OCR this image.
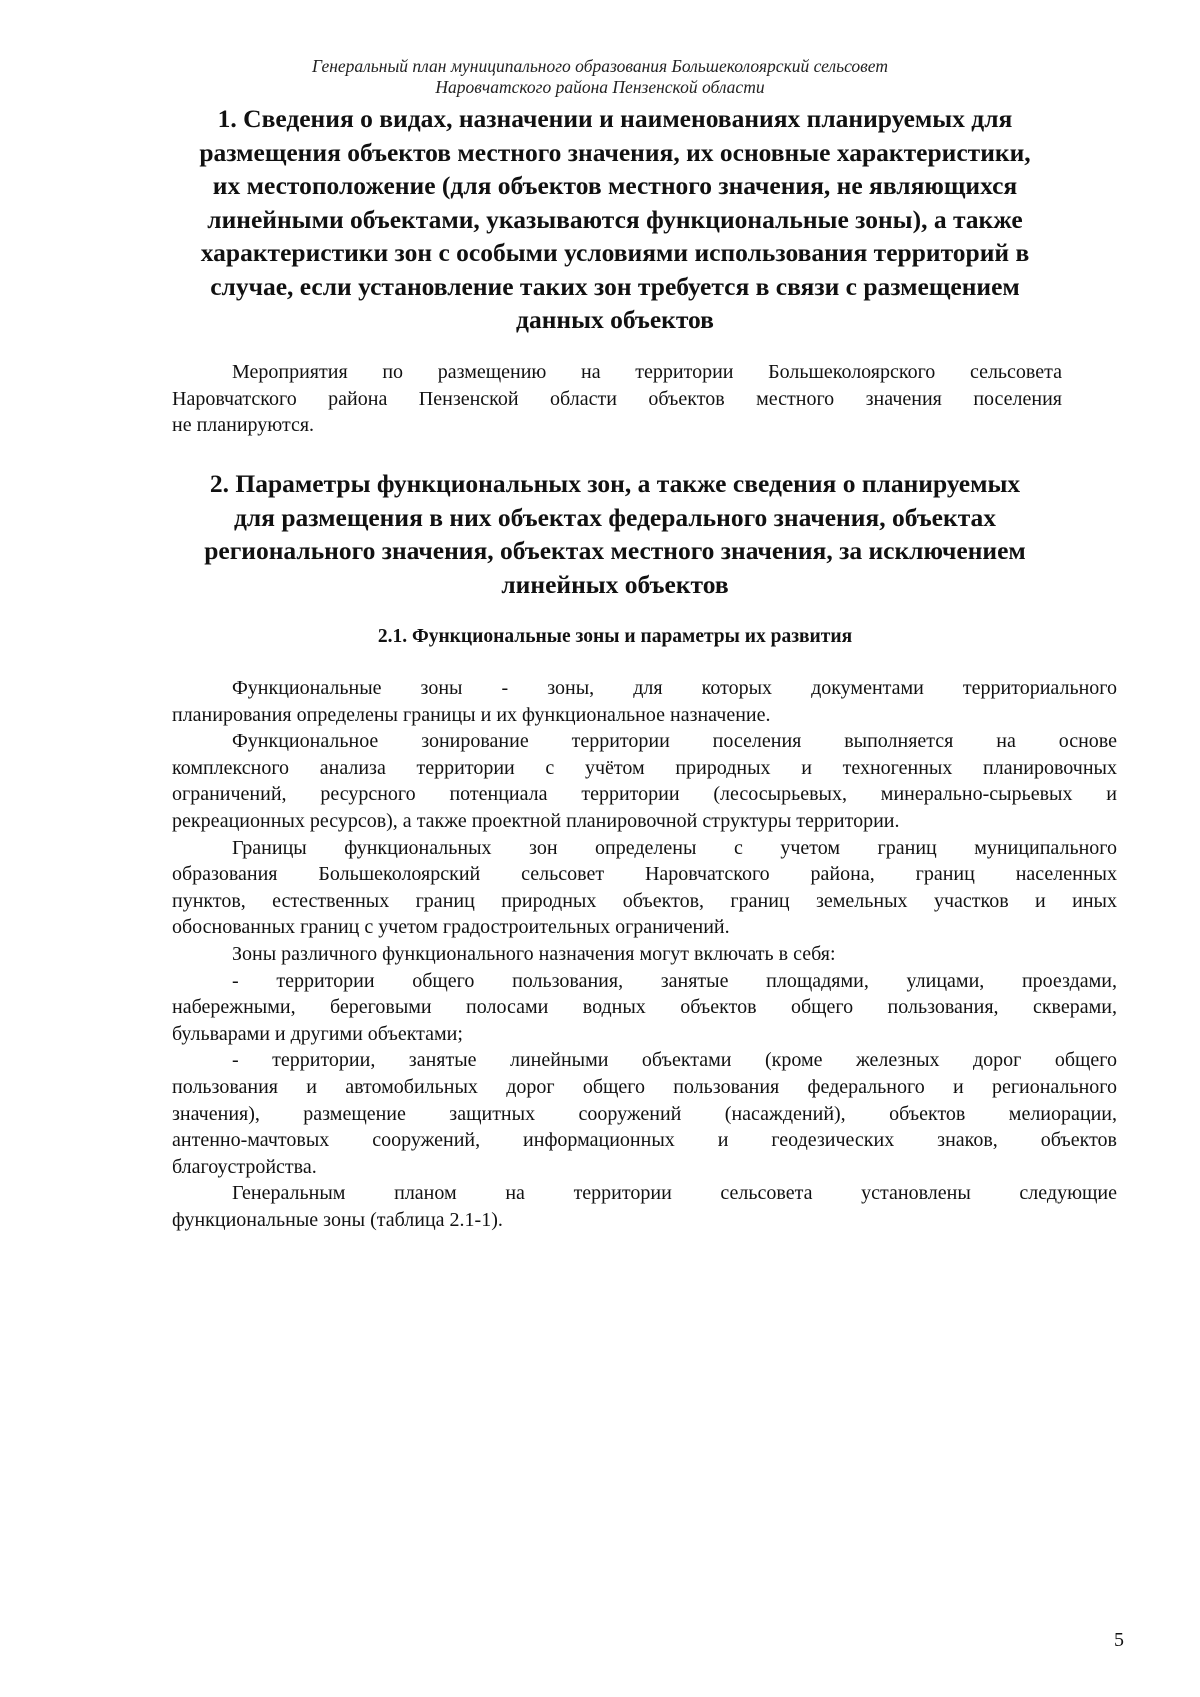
Генеральный план муниципального образования Большеколоярский сельсовет
Наровчатского района Пензенской области
1. Сведения о видах, назначении и наименованиях планируемых для
размещения объектов местного значения, их основные характеристики,
их местоположение (для объектов местного значения, не являющихся
линейными объектами, указываются функциональные зоны), а также
характеристики зон с особыми условиями использования территорий в
случае, если установление таких зон требуется в связи с размещением
данных объектов
Мероприятия по размещению на территории Большеколоярского сельсовета
Наровчатского района Пензенской области объектов местного значения поселения
не планируются.
2. Параметры функциональных зон, а также сведения о планируемых
для размещения в них объектах федерального значения, объектах
регионального значения, объектах местного значения, за исключением
линейных объектов
2.1. Функциональные зоны и параметры их развития
Функциональные зоны - зоны, для которых документами территориального
планирования определены границы и их функциональное назначение.
Функциональное зонирование территории поселения выполняется на основе
комплексного анализа территории с учётом природных и техногенных планировочных
ограничений, ресурсного потенциала территории (лесосырьевых, минерально-сырьевых и
рекреационных ресурсов), а также проектной планировочной структуры территории.
Границы функциональных зон определены с учетом границ муниципального
образования Большеколоярский сельсовет Наровчатского района, границ населенных
пунктов, естественных границ природных объектов, границ земельных участков и иных
обоснованных границ с учетом градостроительных ограничений.
Зоны различного функционального назначения могут включать в себя:
- территории общего пользования, занятые площадями, улицами, проездами,
набережными, береговыми полосами водных объектов общего пользования, скверами,
бульварами и другими объектами;
- территории, занятые линейными объектами (кроме железных дорог общего
пользования и автомобильных дорог общего пользования федерального и регионального
значения), размещение защитных сооружений (насаждений), объектов мелиорации,
антенно-мачтовых сооружений, информационных и геодезических знаков, объектов
благоустройства.
Генеральным планом на территории сельсовета установлены следующие
функциональные зоны (таблица 2.1-1).
5
